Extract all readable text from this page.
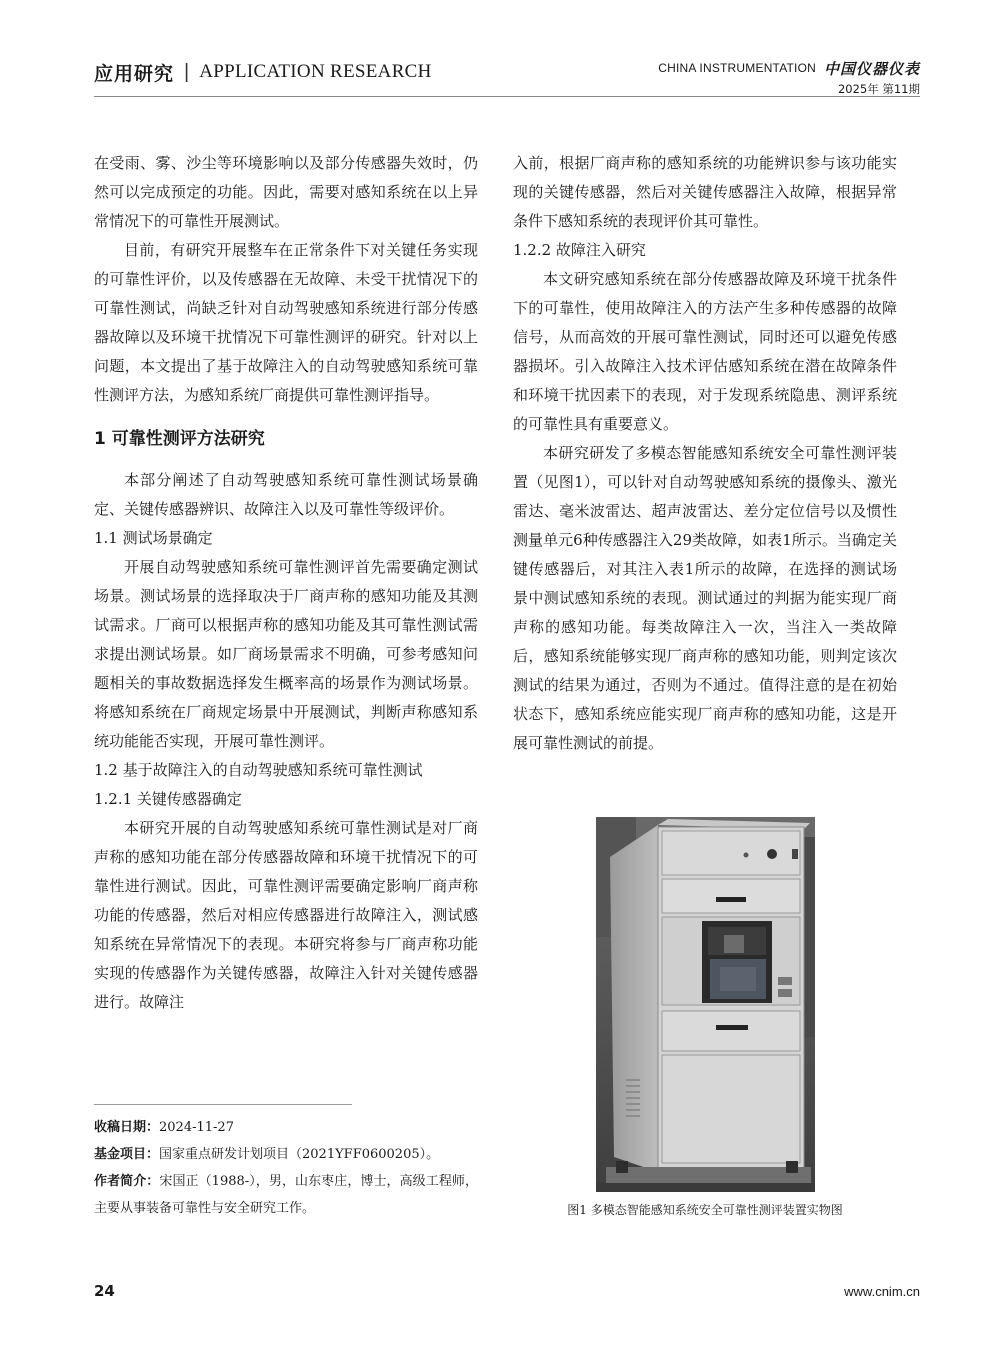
应用研究 | APPLICATION RESEARCH	CHINA INSTRUMENTATION 中国仪器仪表
2025年 第11期

在受雨、雾、沙尘等环境影响以及部分传感器失效时，仍然可以完成预定的功能。因此，需要对感知系统在以上异常情况下的可靠性开展测试。

目前，有研究开展整车在正常条件下对关键任务实现的可靠性评价，以及传感器在无故障、未受干扰情况下的可靠性测试，尚缺乏针对自动驾驶感知系统进行部分传感器故障以及环境干扰情况下可靠性测评的研究。针对以上问题，本文提出了基于故障注入的自动驾驶感知系统可靠性测评方法，为感知系统厂商提供可靠性测评指导。

1 可靠性测评方法研究

本部分阐述了自动驾驶感知系统可靠性测试场景确定、关键传感器辨识、故障注入以及可靠性等级评价。

1.1 测试场景确定

开展自动驾驶感知系统可靠性测评首先需要确定测试场景。测试场景的选择取决于厂商声称的感知功能及其测试需求。厂商可以根据声称的感知功能及其可靠性测试需求提出测试场景。如厂商场景需求不明确，可参考感知问题相关的事故数据选择发生概率高的场景作为测试场景。将感知系统在厂商规定场景中开展测试，判断声称感知系统功能能否实现，开展可靠性测评。

1.2 基于故障注入的自动驾驶感知系统可靠性测试

1.2.1 关键传感器确定

本研究开展的自动驾驶感知系统可靠性测试是对厂商声称的感知功能在部分传感器故障和环境干扰情况下的可靠性进行测试。因此，可靠性测评需要确定影响厂商声称功能的传感器，然后对相应传感器进行故障注入，测试感知系统在异常情况下的表现。本研究将参与厂商声称功能实现的传感器作为关键传感器，故障注入针对关键传感器进行。故障注

入前，根据厂商声称的感知系统的功能辨识参与该功能实现的关键传感器，然后对关键传感器注入故障，根据异常条件下感知系统的表现评价其可靠性。

1.2.2 故障注入研究

本文研究感知系统在部分传感器故障及环境干扰条件下的可靠性，使用故障注入的方法产生多种传感器的故障信号，从而高效的开展可靠性测试，同时还可以避免传感器损坏。引入故障注入技术评估感知系统在潜在故障条件和环境干扰因素下的表现，对于发现系统隐患、测评系统的可靠性具有重要意义。

本研究研发了多模态智能感知系统安全可靠性测评装置（见图1），可以针对自动驾驶感知系统的摄像头、激光雷达、毫米波雷达、超声波雷达、差分定位信号以及惯性测量单元6种传感器注入29类故障，如表1所示。当确定关键传感器后，对其注入表1所示的故障，在选择的测试场景中测试感知系统的表现。测试通过的判据为能实现厂商声称的感知功能。每类故障注入一次，当注入一类故障后，感知系统能够实现厂商声称的感知功能，则判定该次测试的结果为通过，否则为不通过。值得注意的是在初始状态下，感知系统应能实现厂商声称的感知功能，这是开展可靠性测试的前提。

图1 多模态智能感知系统安全可靠性测评装置实物图
收稿日期：2024-11-27
基金项目：国家重点研发计划项目（2021YFF0600205）。
作者简介：宋国正（1988-），男，山东枣庄，博士，高级工程师，主要从事装备可靠性与安全研究工作。
24	www.cnim.cn
